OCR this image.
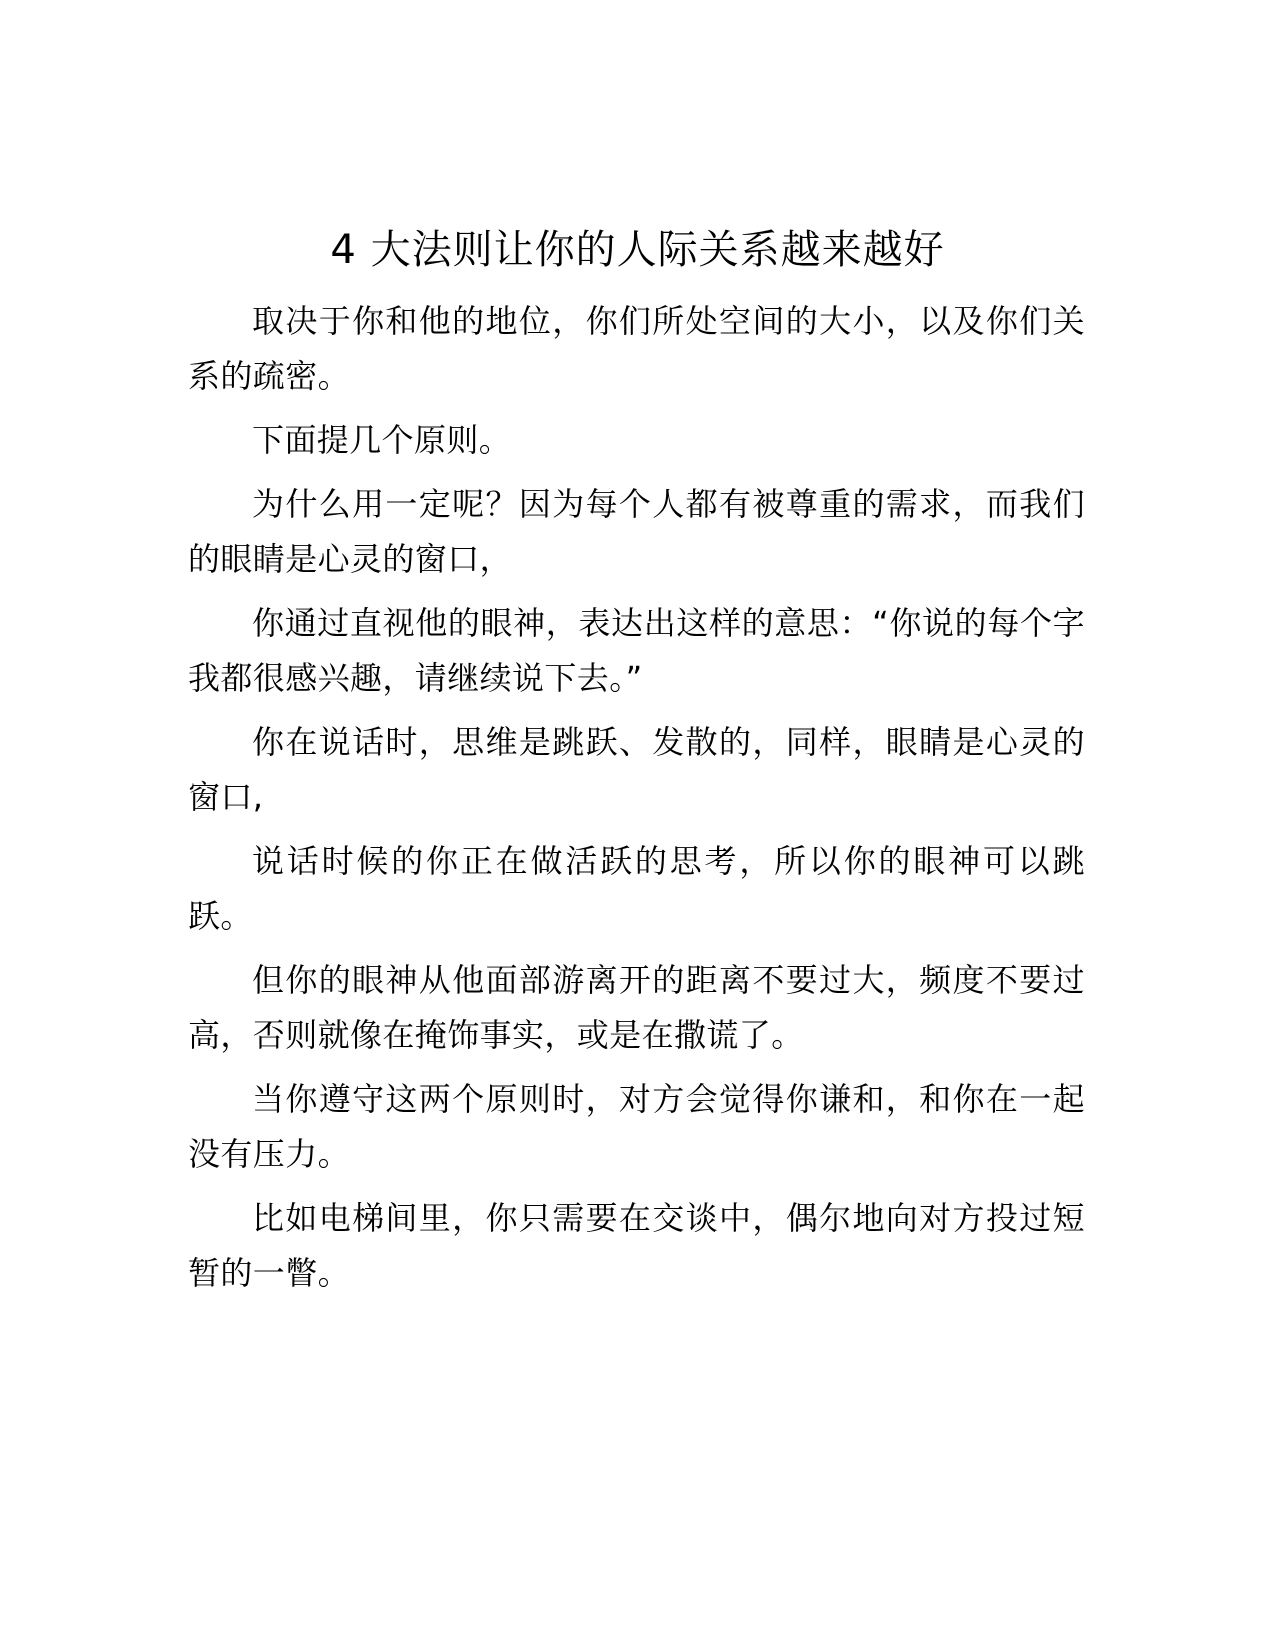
4 大法则让你的人际关系越来越好

取决于你和他的地位，你们所处空间的大小，以及你们关系的疏密。

下面提几个原则。

为什么用一定呢？因为每个人都有被尊重的需求，而我们的眼睛是心灵的窗口，

你通过直视他的眼神，表达出这样的意思：“你说的每个字我都很感兴趣，请继续说下去。”

你在说话时，思维是跳跃、发散的，同样，眼睛是心灵的窗口,

说话时候的你正在做活跃的思考，所以你的眼神可以跳跃。

但你的眼神从他面部游离开的距离不要过大，频度不要过高，否则就像在掩饰事实，或是在撒谎了。

当你遵守这两个原则时，对方会觉得你谦和，和你在一起没有压力。

比如电梯间里，你只需要在交谈中，偶尔地向对方投过短暂的一瞥。
